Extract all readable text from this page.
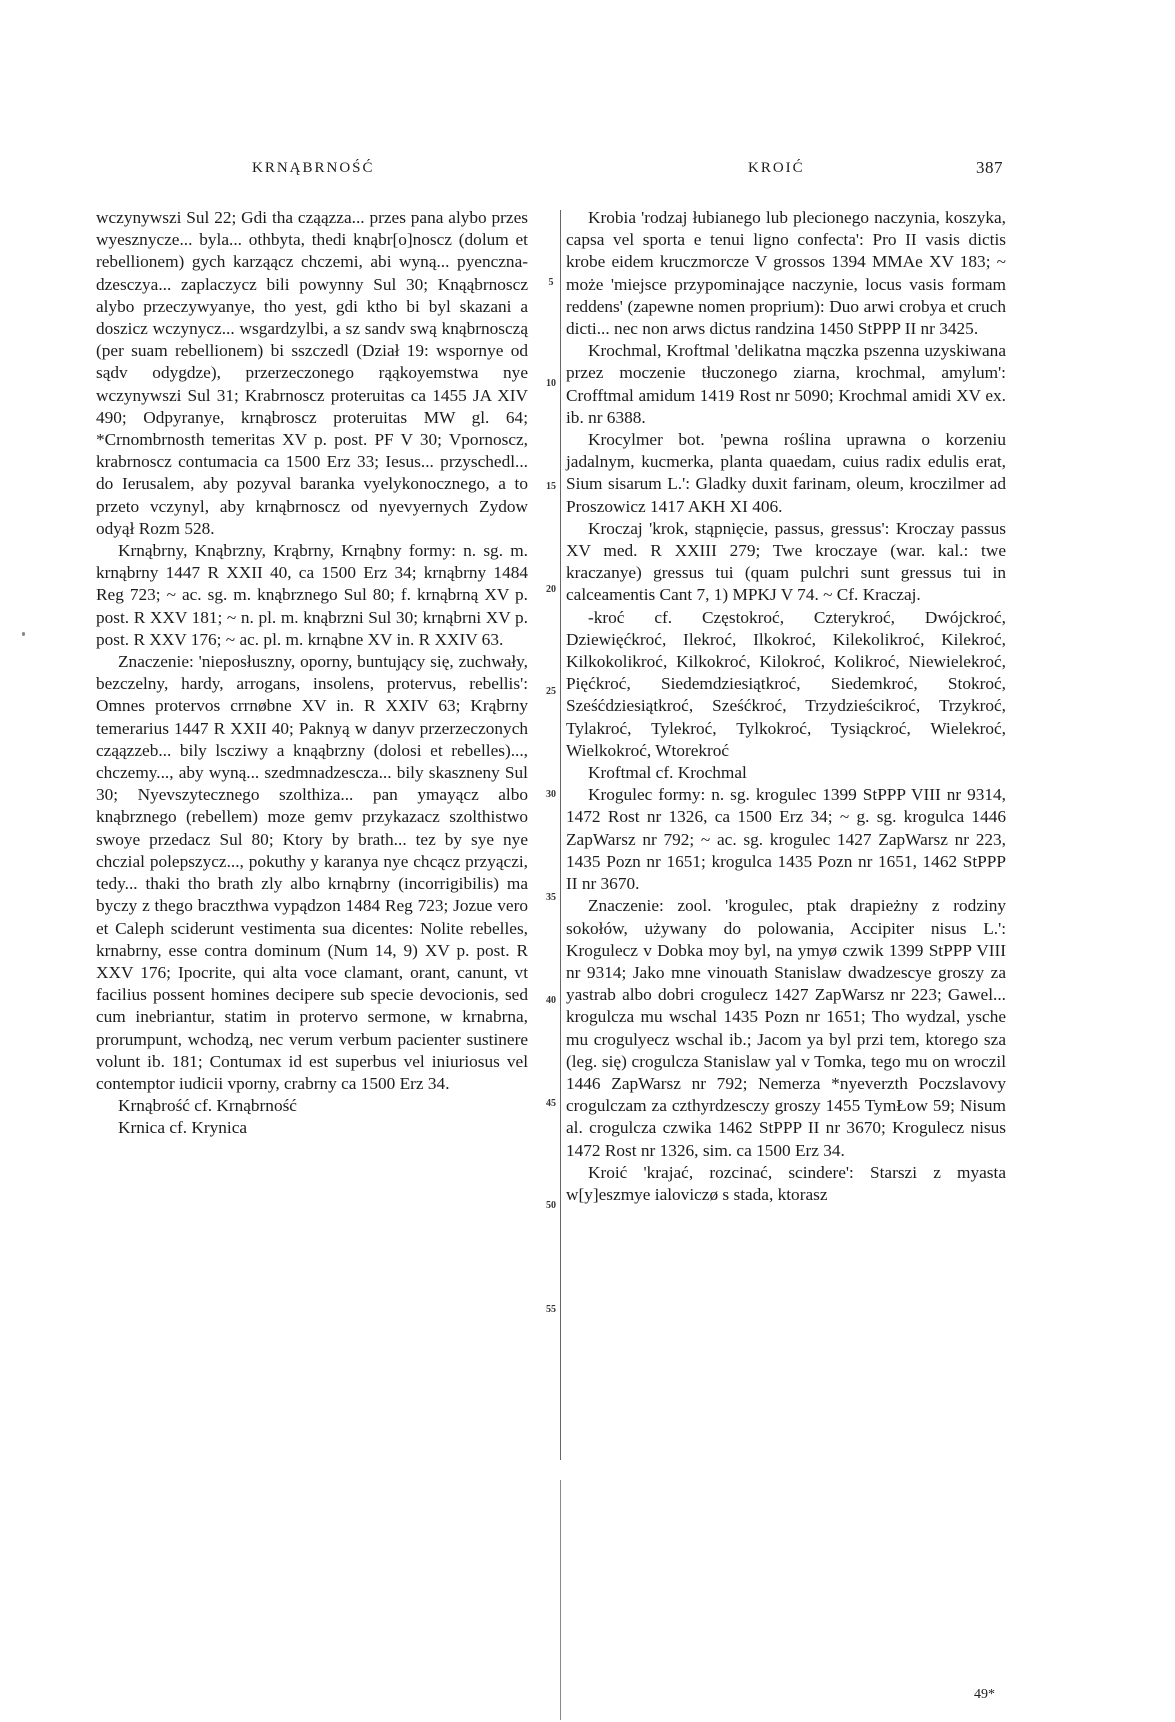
KRNĄBRNOŚĆ	KROIĆ	387

wczynywszi Sul 22; Gdi tha cząązza... przes pana alybo przes wyesznycze... byla... othbyta, thedi knąbr[o]noscz (dolum et rebellionem) gych karząącz chczemi, abi wyną... pyenczna-dzesczya... zaplaczycz bili powynny Sul 30; Knąąbrnoscz alybo przeczywyanye, tho yest, gdi ktho bi byl skazani a doszicz wczynycz... wsgardzylbi, a sz sandv swą knąbrnosczą (per suam rebellionem) bi sszczedl (Dział 19: wspornye od sądv odygdze), przerzeczonego rąąkoyemstwa nye wczynywszi Sul 31; Krabrnoscz proteruitas ca 1455 JA XIV 490; Odpyranye, krnąbroscz proteruitas MW gl. 64; *Crnombrnosth temeritas XV p. post. PF V 30; Vpornoscz, krabrnoscz contumacia ca 1500 Erz 33; Iesus... przyschedl... do Ierusalem, aby pozyval baranka vyelykonocznego, a to przeto vczynyl, aby krnąbrnoscz od nyevyernych Zydow odyął Rozm 528.

Krnąbrny, Knąbrzny, Krąbrny, Krnąbny formy: n. sg. m. krnąbrny 1447 R XXII 40, ca 1500 Erz 34; krnąbrny 1484 Reg 723; ~ ac. sg. m. knąbrznego Sul 80; f. krnąbrną XV p. post. R XXV 181; ~ n. pl. m. knąbrzni Sul 30; krnąbrni XV p. post. R XXV 176; ~ ac. pl. m. krnąbne XV in. R XXIV 63.

Znaczenie: 'nieposłuszny, oporny, buntujący się, zuchwały, bezczelny, hardy, arrogans, insolens, protervus, rebellis': Omnes protervos crrnøbne XV in. R XXIV 63; Krąbrny temerarius 1447 R XXII 40; Paknyą w danyv przerzeczonych cząązzeb... bily lscziwy a knąąbrzny (dolosi et rebelles)..., chczemy..., aby wyną... szedmnadzescza... bily skaszneny Sul 30; Nyevszytecznego szolthiza... pan ymayącz albo knąbrznego (rebellem) moze gemv przykazacz szolthistwo swoye przedacz Sul 80; Ktory by brath... tez by sye nye chczial polepszycz..., pokuthy y karanya nye chcącz przyączi, tedy... thaki tho brath zly albo krnąbrny (incorrigibilis) ma byczy z thego braczthwa vypądzon 1484 Reg 723; Jozue vero et Caleph sciderunt vestimenta sua dicentes: Nolite rebelles, krnabrny, esse contra dominum (Num 14, 9) XV p. post. R XXV 176; Ipocrite, qui alta voce clamant, orant, canunt, vt facilius possent homines decipere sub specie devocionis, sed cum inebriantur, statim in protervo sermone, w krnabrna, prorumpunt, wchodzą, nec verum verbum pacienter sustinere volunt ib. 181; Contumax id est superbus vel iniuriosus vel contemptor iudicii vporny, crabrny ca 1500 Erz 34.

Krnąbrość cf. Krnąbrność

Krnica cf. Krynica

5
10
15
20
25
30
35
40
45
50
55

Krobia 'rodzaj łubianego lub plecionego naczynia, koszyka, capsa vel sporta e tenui ligno confecta': Pro II vasis dictis krobe eidem kruczmorcze V grossos 1394 MMAe XV 183; ~ może 'miejsce przypominające naczynie, locus vasis formam reddens' (zapewne nomen proprium): Duo arwi crobya et cruch dicti... nec non arws dictus randzina 1450 StPPP II nr 3425.

Krochmal, Kroftmal 'delikatna mączka pszenna uzyskiwana przez moczenie tłuczonego ziarna, krochmal, amylum': Crofftmal amidum 1419 Rost nr 5090; Krochmal amidi XV ex. ib. nr 6388.

Krocylmer bot. 'pewna roślina uprawna o korzeniu jadalnym, kucmerka, planta quaedam, cuius radix edulis erat, Sium sisarum L.': Gladky duxit farinam, oleum, kroczilmer ad Proszowicz 1417 AKH XI 406.

Kroczaj 'krok, stąpnięcie, passus, gressus': Kroczay passus XV med. R XXIII 279; Twe kroczaye (war. kal.: twe kraczanye) gressus tui (quam pulchri sunt gressus tui in calceamentis Cant 7, 1) MPKJ V 74. ~ Cf. Kraczaj.

-kroć cf. Częstokroć, Czterykroć, Dwójckroć, Dziewięćkroć, Ilekroć, Ilkokroć, Kilekolikroć, Kilekroć, Kilkokolikroć, Kilkokroć, Kilokroć, Kolikroć, Niewielekroć, Pięćkroć, Siedemdziesiątkroć, Siedemkroć, Stokroć, Sześćdziesiątkroć, Sześćkroć, Trzydzieścikroć, Trzykroć, Tylakroć, Tylekroć, Tylkokroć, Tysiąckroć, Wielekroć, Wielkokroć, Wtorekroć

Kroftmal cf. Krochmal

Krogulec formy: n. sg. krogulec 1399 StPPP VIII nr 9314, 1472 Rost nr 1326, ca 1500 Erz 34; ~ g. sg. krogulca 1446 ZapWarsz nr 792; ~ ac. sg. krogulec 1427 ZapWarsz nr 223, 1435 Pozn nr 1651; krogulca 1435 Pozn nr 1651, 1462 StPPP II nr 3670.

Znaczenie: zool. 'krogulec, ptak drapieżny z rodziny sokołów, używany do polowania, Accipiter nisus L.': Krogulecz v Dobka moy byl, na ymyø czwik 1399 StPPP VIII nr 9314; Jako mne vinouath Stanislaw dwadzescye groszy za yastrab albo dobri crogulecz 1427 ZapWarsz nr 223; Gawel... krogulcza mu wschal 1435 Pozn nr 1651; Tho wydzal, ysche mu crogulyecz wschal ib.; Jacom ya byl przi tem, ktorego sza (leg. się) crogulcza Stanislaw yal v Tomka, tego mu on wroczil 1446 ZapWarsz nr 792; Nemerza *nyeverzth Poczslavovy crogulczam za czthyrdzesczy groszy 1455 TymŁow 59; Nisum al. crogulcza czwika 1462 StPPP II nr 3670; Krogulecz nisus 1472 Rost nr 1326, sim. ca 1500 Erz 34.

Kroić 'krajać, rozcinać, scindere': Starszi z myasta w[y]eszmye ialoviczø s stada, ktorasz

49*
